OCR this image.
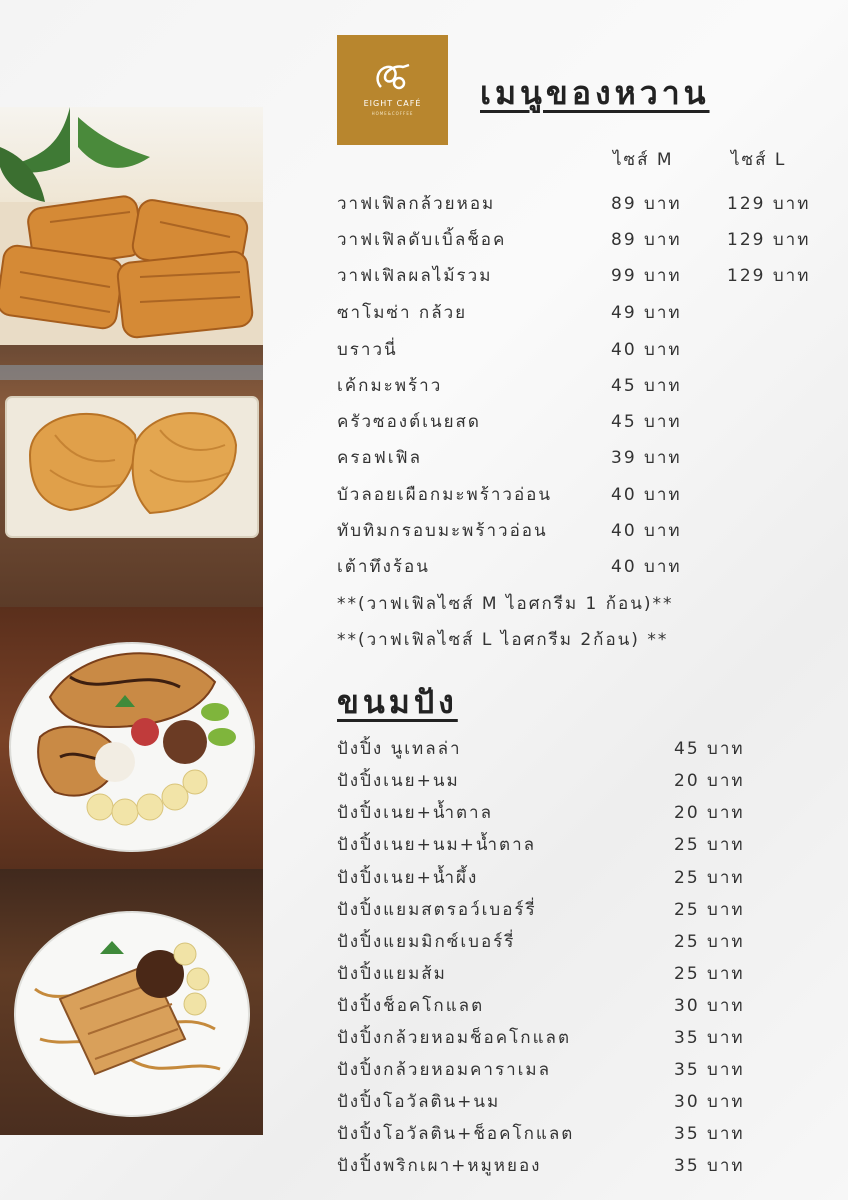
EIGHT CAFÉ
HOME&COFFEE
เมนูของหวาน
ไซส์ M	ไซส์ L
วาฟเฟิลกล้วยหอม	89 บาท	129 บาท
วาฟเฟิลดับเบิ้ลช็อค	89 บาท	129 บาท
วาฟเฟิลผลไม้รวม	99 บาท	129 บาท
ซาโมซ่า กล้วย	49 บาท
บราวนี่	40 บาท
เค้กมะพร้าว	45 บาท
ครัวซองต์เนยสด	45 บาท
ครอฟเฟิล	39 บาท
บัวลอยเผือกมะพร้าวอ่อน	40 บาท
ทับทิมกรอบมะพร้าวอ่อน	40 บาท
เต้าทึงร้อน	40 บาท
**(วาฟเฟิลไซส์ M ไอศกรีม 1 ก้อน)**
**(วาฟเฟิลไซส์ L ไอศกรีม 2ก้อน) **
ขนมปัง
ปังปิ้ง นูเทลล่า	45 บาท
ปังปิ้งเนย+นม	20 บาท
ปังปิ้งเนย+น้ำตาล	20 บาท
ปังปิ้งเนย+นม+น้ำตาล	25 บาท
ปังปิ้งเนย+น้ำผึ้ง	25 บาท
ปังปิ้งแยมสตรอว์เบอร์รี่	25 บาท
ปังปิ้งแยมมิกซ์เบอร์รี่	25 บาท
ปังปิ้งแยมส้ม	25 บาท
ปังปิ้งช็อคโกแลต	30 บาท
ปังปิ้งกล้วยหอมช็อคโกแลต	35 บาท
ปังปิ้งกล้วยหอมคาราเมล	35 บาท
ปังปิ้งโอวัลติน+นม	30 บาท
ปังปิ้งโอวัลติน+ช็อคโกแลต	35 บาท
ปังปิ้งพริกเผา+หมูหยอง	35 บาท
